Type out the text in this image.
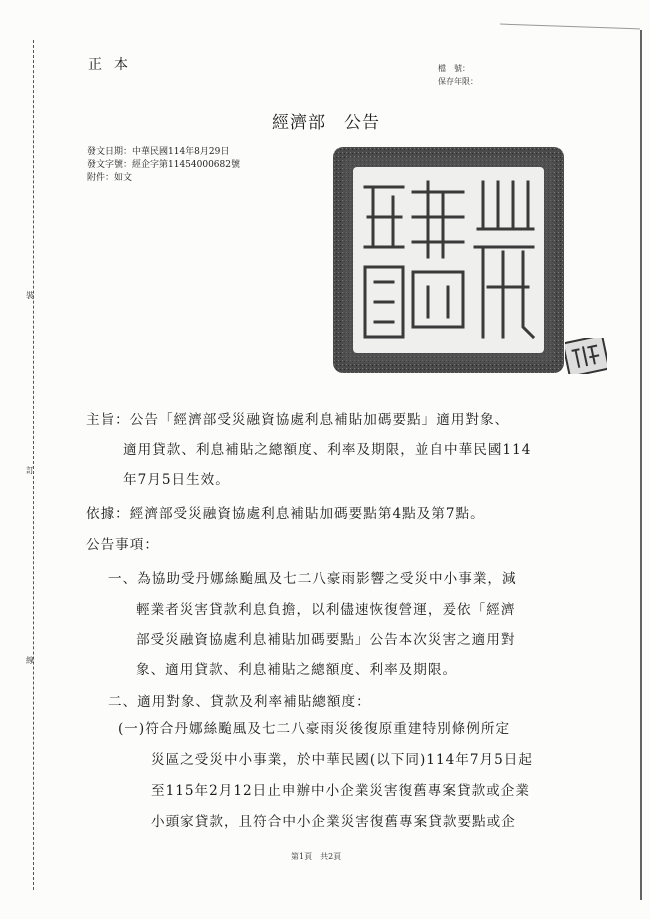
裝
訂
線
正本	檔　號：
保存年限：
經濟部　公告
發文日期：中華民國114年8月29日
發文字號：經企字第11454000682號
附件：如文
主旨：公告「經濟部受災融資協處利息補貼加碼要點」適用對象、
適用貸款、利息補貼之總額度、利率及期限，並自中華民國114
年7月5日生效。
依據：經濟部受災融資協處利息補貼加碼要點第4點及第7點。
公告事項：
一、為協助受丹娜絲颱風及七二八豪雨影響之受災中小事業，減
輕業者災害貸款利息負擔，以利儘速恢復營運，爰依「經濟
部受災融資協處利息補貼加碼要點」公告本次災害之適用對
象、適用貸款、利息補貼之總額度、利率及期限。
二、適用對象、貸款及利率補貼總額度：
(一)符合丹娜絲颱風及七二八豪雨災後復原重建特別條例所定
災區之受災中小事業，於中華民國(以下同)114年7月5日起
至115年2月12日止申辦中小企業災害復舊專案貸款或企業
小頭家貸款，且符合中小企業災害復舊專案貸款要點或企
第1頁　共2頁
